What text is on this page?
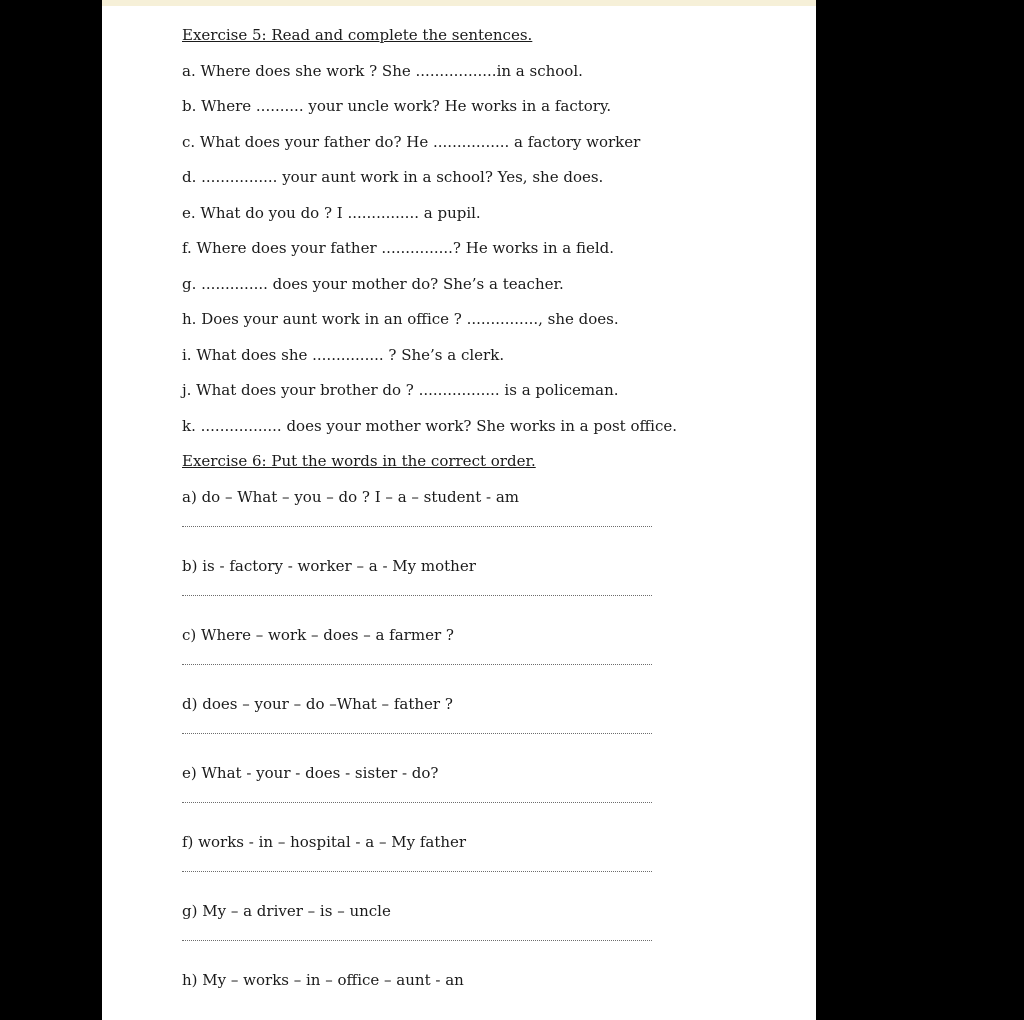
Exercise 5: Read and complete the sentences.
a. Where does she work ? She .................in a school.
b. Where .......... your uncle work? He works in a factory.
c. What does your father do? He ................ a factory worker
d. ................ your aunt work in a school? Yes, she does.
e. What do you do ? I ............... a pupil.
f. Where does your father ...............? He works in a field.
g. .............. does your mother do? She’s a teacher.
h. Does your aunt work in an office ? ..............., she does.
i. What does she ............... ? She’s a clerk.
j. What does your brother do ? ................. is a policeman.
k. ................. does your mother work? She works in a post office.
Exercise 6: Put the words in the correct order.
a) do – What – you – do ? I – a – student - am
b) is - factory - worker – a - My mother
c) Where – work – does – a farmer ?
d) does – your – do –What – father ?
e) What - your - does - sister - do?
f) works - in – hospital - a – My father
g) My – a driver – is – uncle
h) My – works – in – office – aunt - an
